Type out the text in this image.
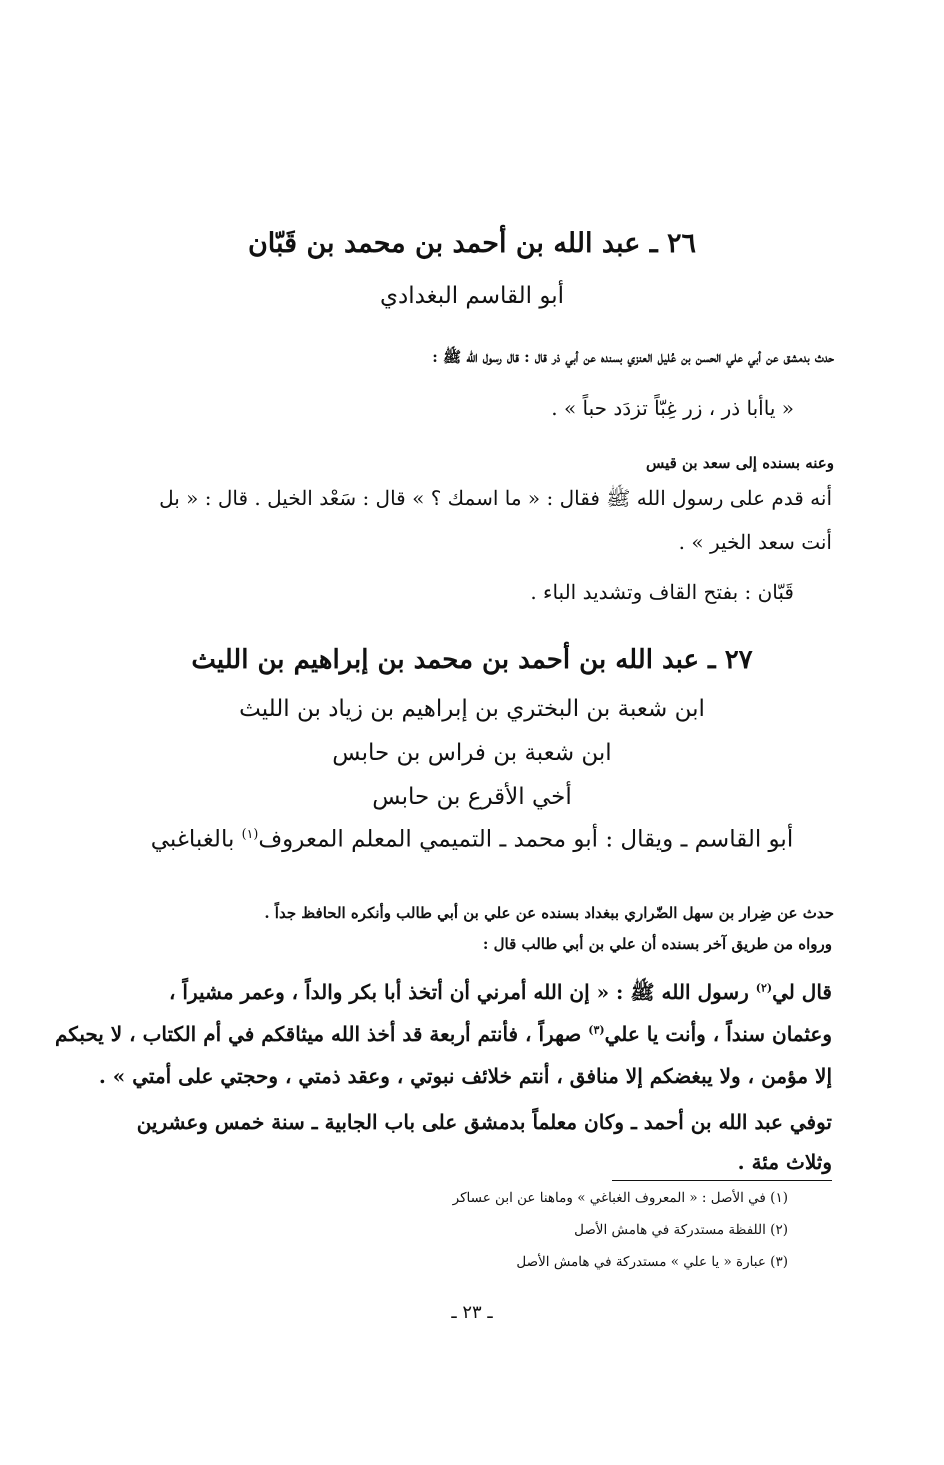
٢٦ ـ عبد الله بن أحمد بن محمد بن قَبّان

أبو القاسم البغدادي

حدث بدمشق عن أبي علي الحسن بن عُليل العنزي بسنده عن أبي ذر قال : قال رسول الله ﷺ :

« ياأبا ذر ، زر غِبّاً تزدَد حباً » .

وعنه بسنده إلى سعد بن قيس

أنه قدم على رسول الله ﷺ فقال : « ما اسمك ؟ » قال : سَعْد الخيل . قال : « بل

أنت سعد الخير » .

قَبّان : بفتح القاف وتشديد الباء .

٢٧ ـ عبد الله بن أحمد بن محمد بن إبراهيم بن الليث

ابن شعبة بن البختري بن إبراهيم بن زياد بن الليث

ابن شعبة بن فراس بن حابس

أخي الأقرع بن حابس

أبو القاسم ـ ويقال : أبو محمد ـ التميمي المعلم المعروف$^{(١)}$ بالغباغبي

حدث عن ضِرار بن سهل الضّراري ببغداد بسنده عن علي بن أبي طالب وأنكره الحافظ جداً .

ورواه من طريق آخر بسنده أن علي بن أبي طالب قال :

قال لي$^{(٢)}$ رسول الله ﷺ : « إن الله أمرني أن أتخذ أبا بكر والداً ، وعمر مشيراً ،

وعثمان سنداً ، وأنت يا علي$^{(٣)}$ صهراً ، فأنتم أربعة قد أخذ الله ميثاقكم في أم الكتاب ، لا يحبكم

إلا مؤمن ، ولا يبغضكم إلا منافق ، أنتم خلائف نبوتي ، وعقد ذمتي ، وحجتي على أمتي » .

توفي عبد الله بن أحمد ـ وكان معلماً بدمشق على باب الجابية ـ سنة خمس وعشرين

وثلاث مئة .

(١) في الأصل : « المعروف الغباغي » وماهنا عن ابن عساكر

(٢) اللفظة مستدركة في هامش الأصل

(٣) عبارة « يا علي » مستدركة في هامش الأصل

ـ ٢٣ ـ
